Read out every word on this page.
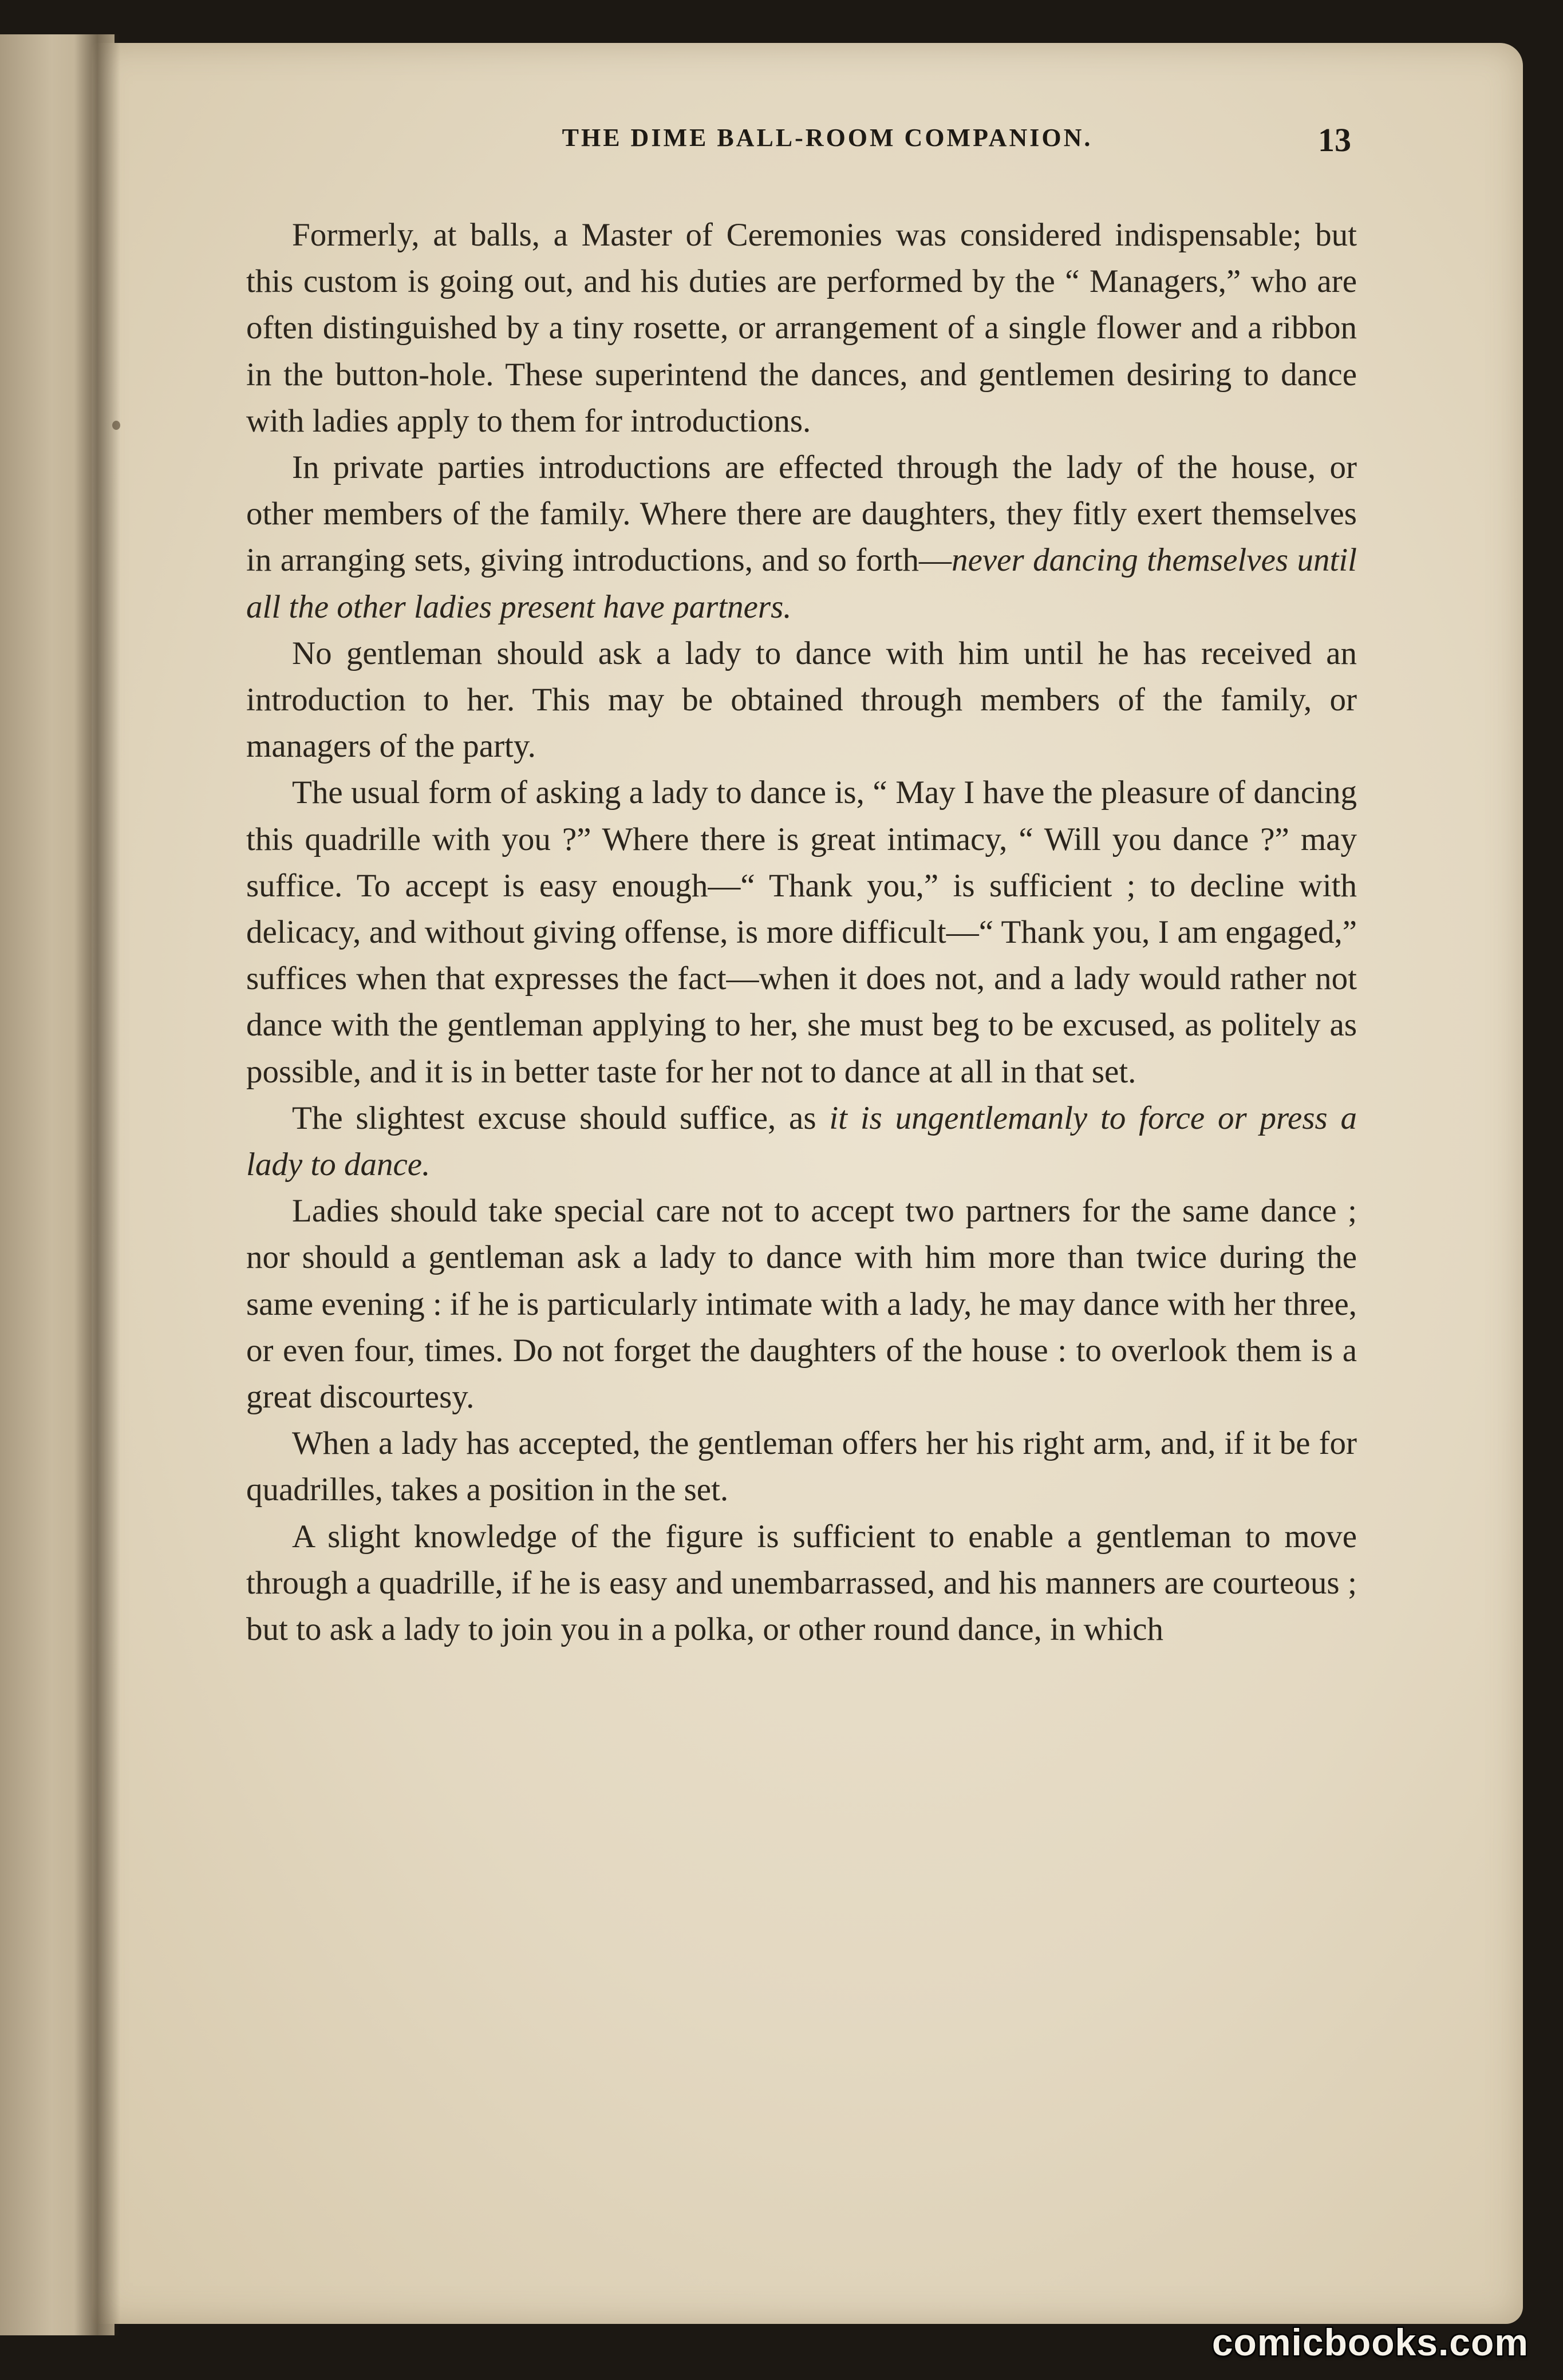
THE DIME BALL-ROOM COMPANION.	13

Formerly, at balls, a Master of Ceremonies was considered indispensable; but this custom is going out, and his duties are performed by the “ Managers,” who are often distinguished by a tiny rosette, or arrangement of a single flower and a ribbon in the button-hole. These superintend the dances, and gentlemen desiring to dance with ladies apply to them for introductions.

In private parties introductions are effected through the lady of the house, or other members of the family. Where there are daughters, they fitly exert themselves in arranging sets, giving introductions, and so forth—never dancing themselves until all the other ladies present have partners.

No gentleman should ask a lady to dance with him until he has received an introduction to her. This may be obtained through members of the family, or managers of the party.

The usual form of asking a lady to dance is, “ May I have the pleasure of dancing this quadrille with you ?” Where there is great intimacy, “ Will you dance ?” may suffice. To accept is easy enough—“ Thank you,” is sufficient ; to decline with delicacy, and without giving offense, is more difficult—“ Thank you, I am engaged,” suffices when that expresses the fact—when it does not, and a lady would rather not dance with the gentleman applying to her, she must beg to be excused, as politely as possible, and it is in better taste for her not to dance at all in that set.

The slightest excuse should suffice, as it is ungentlemanly to force or press a lady to dance.

Ladies should take special care not to accept two partners for the same dance ; nor should a gentleman ask a lady to dance with him more than twice during the same evening : if he is particularly intimate with a lady, he may dance with her three, or even four, times. Do not forget the daughters of the house : to overlook them is a great discourtesy.

When a lady has accepted, the gentleman offers her his right arm, and, if it be for quadrilles, takes a position in the set.

A slight knowledge of the figure is sufficient to enable a gentleman to move through a quadrille, if he is easy and unembarrassed, and his manners are courteous ; but to ask a lady to join you in a polka, or other round dance, in which

comicbooks.com
